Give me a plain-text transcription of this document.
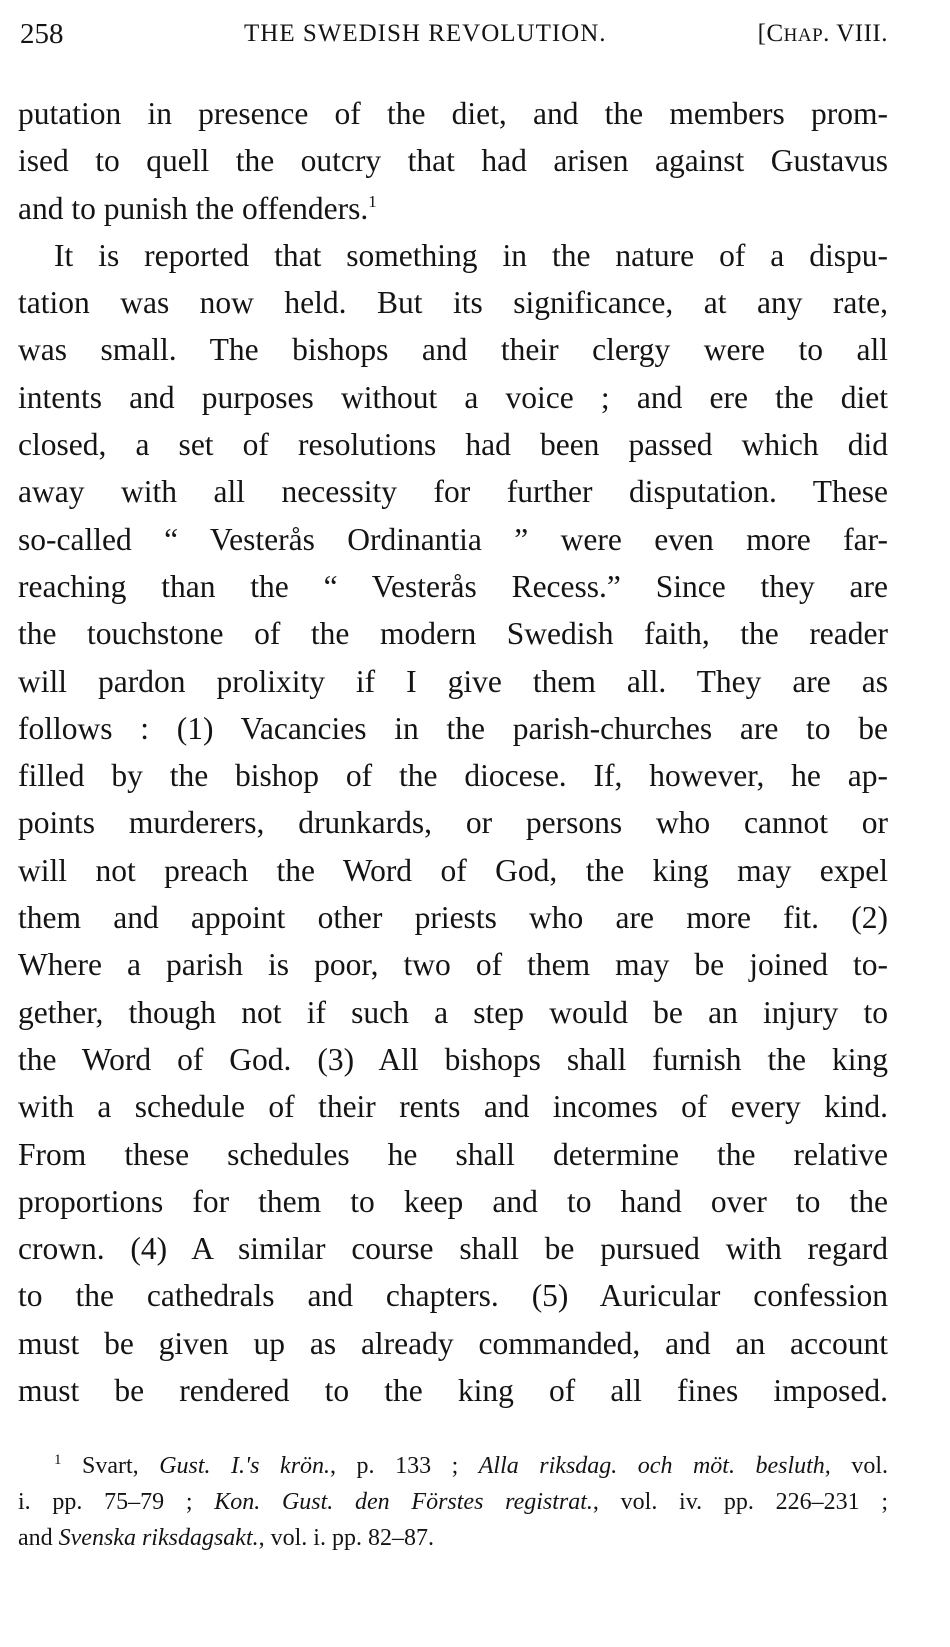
258	THE SWEDISH REVOLUTION.	[CHAP. VIII.
putation in presence of the diet, and the members prom-
ised to quell the outcry that had arisen against Gustavus
and to punish the offenders.$^1$
It is reported that something in the nature of a dispu-
tation was now held. But its significance, at any rate,
was small. The bishops and their clergy were to all
intents and purposes without a voice ; and ere the diet
closed, a set of resolutions had been passed which did
away with all necessity for further disputation. These
so-called “ Vesterås Ordinantia ” were even more far-
reaching than the “ Vesterås Recess.” Since they are
the touchstone of the modern Swedish faith, the reader
will pardon prolixity if I give them all. They are as
follows : (1) Vacancies in the parish-churches are to be
filled by the bishop of the diocese. If, however, he ap-
points murderers, drunkards, or persons who cannot or
will not preach the Word of God, the king may expel
them and appoint other priests who are more fit. (2)
Where a parish is poor, two of them may be joined to-
gether, though not if such a step would be an injury to
the Word of God. (3) All bishops shall furnish the king
with a schedule of their rents and incomes of every kind.
From these schedules he shall determine the relative
proportions for them to keep and to hand over to the
crown. (4) A similar course shall be pursued with regard
to the cathedrals and chapters. (5) Auricular confession
must be given up as already commanded, and an account
must be rendered to the king of all fines imposed.
$^1$ Svart, Gust. I.'s krön., p. 133 ; Alla riksdag. och möt. besluth, vol.
i. pp. 75–79 ; Kon. Gust. den Förstes registrat., vol. iv. pp. 226–231 ;
and Svenska riksdagsakt., vol. i. pp. 82–87.
